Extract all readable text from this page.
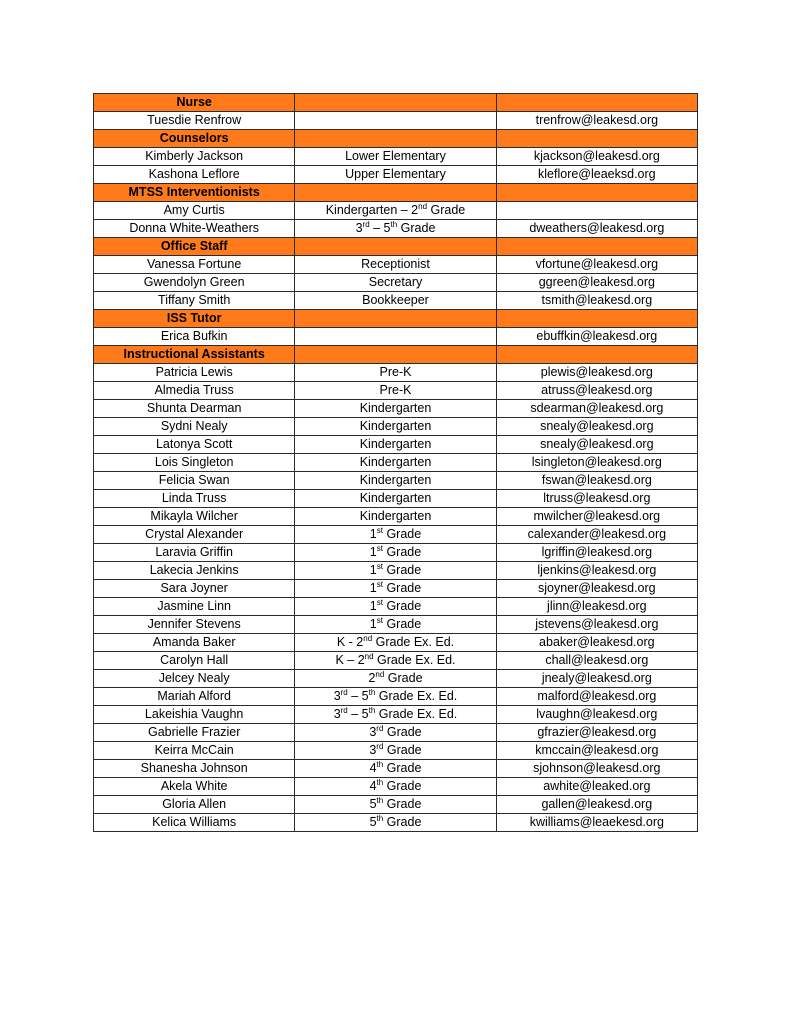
Nurse		
Tuesdie Renfrow		trenfrow@leakesd.org
Counselors		
Kimberly Jackson	Lower Elementary	kjackson@leakesd.org
Kashona Leflore	Upper Elementary	kleflore@leaeksd.org
MTSS Interventionists		
Amy Curtis	Kindergarten – 2nd Grade	
Donna White-Weathers	3rd – 5th Grade	dweathers@leakesd.org
Office Staff		
Vanessa Fortune	Receptionist	vfortune@leakesd.org
Gwendolyn Green	Secretary	ggreen@leakesd.org
Tiffany Smith	Bookkeeper	tsmith@leakesd.org
ISS Tutor		
Erica Bufkin		ebuffkin@leakesd.org
Instructional Assistants		
Patricia Lewis	Pre-K	plewis@leakesd.org
Almedia Truss	Pre-K	atruss@leakesd.org
Shunta Dearman	Kindergarten	sdearman@leakesd.org
Sydni Nealy	Kindergarten	snealy@leakesd.org
Latonya Scott	Kindergarten	snealy@leakesd.org
Lois Singleton	Kindergarten	lsingleton@leakesd.org
Felicia Swan	Kindergarten	fswan@leakesd.org
Linda Truss	Kindergarten	ltruss@leakesd.org
Mikayla Wilcher	Kindergarten	mwilcher@leakesd.org
Crystal Alexander	1st Grade	calexander@leakesd.org
Laravia Griffin	1st Grade	lgriffin@leakesd.org
Lakecia Jenkins	1st Grade	ljenkins@leakesd.org
Sara Joyner	1st Grade	sjoyner@leakesd.org
Jasmine Linn	1st Grade	jlinn@leakesd.org
Jennifer Stevens	1st Grade	jstevens@leakesd.org
Amanda Baker	K - 2nd Grade Ex. Ed.	abaker@leakesd.org
Carolyn Hall	K – 2nd Grade Ex. Ed.	chall@leakesd.org
Jelcey Nealy	2nd Grade	jnealy@leakesd.org
Mariah Alford	3rd – 5th Grade Ex. Ed.	malford@leakesd.org
Lakeishia Vaughn	3rd – 5th Grade Ex. Ed.	lvaughn@leakesd.org
Gabrielle Frazier	3rd Grade	gfrazier@leakesd.org
Keirra McCain	3rd Grade	kmccain@leakesd.org
Shanesha Johnson	4th Grade	sjohnson@leakesd.org
Akela White	4th Grade	awhite@leaked.org
Gloria Allen	5th Grade	gallen@leakesd.org
Kelica Williams	5th Grade	kwilliams@leaekesd.org
